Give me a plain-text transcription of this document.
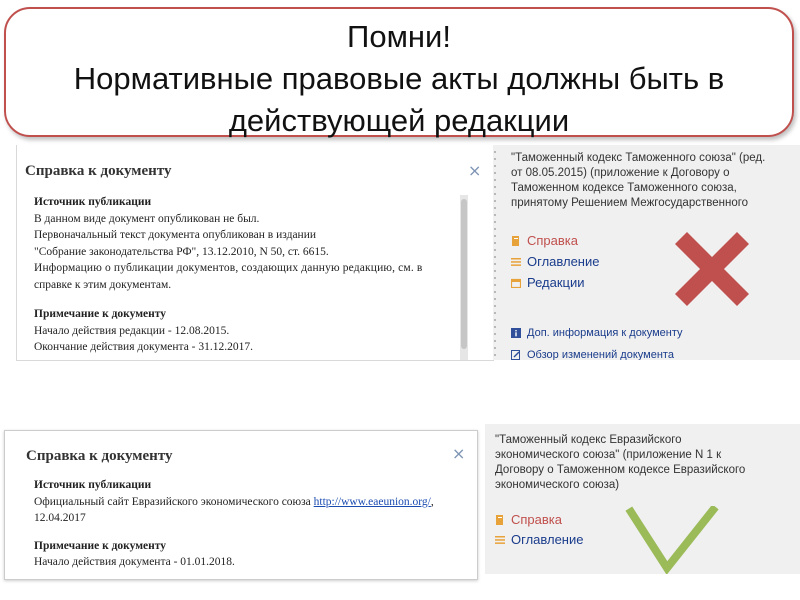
Помни!
Нормативные правовые акты должны быть в
действующей редакции
Справка к документу	×
Источник публикации
В данном виде документ опубликован не был.
Первоначальный текст документа опубликован в издании
"Собрание законодательства РФ", 13.12.2010, N 50, ст. 6615.
Информацию о публикации документов, создающих данную редакцию, см. в
справке к этим документам.
Примечание к документу
Начало действия редакции - 12.08.2015.
Окончание действия документа - 31.12.2017.
"Таможенный кодекс Таможенного союза" (ред.
от 08.05.2015) (приложение к Договору о
Таможенном кодексе Таможенного союза,
принятому Решением Межгосударственного
Справка
Оглавление
Редакции
Доп. информация к документу
Обзор изменений документа
Справка к документу	×
Источник публикации
Официальный сайт Евразийского экономического союза http://www.eaeunion.org/,
12.04.2017
Примечание к документу
Начало действия документа - 01.01.2018.
"Таможенный кодекс Евразийского
экономического союза" (приложение N 1 к
Договору о Таможенном кодексе Евразийского
экономического союза)
Справка
Оглавление
